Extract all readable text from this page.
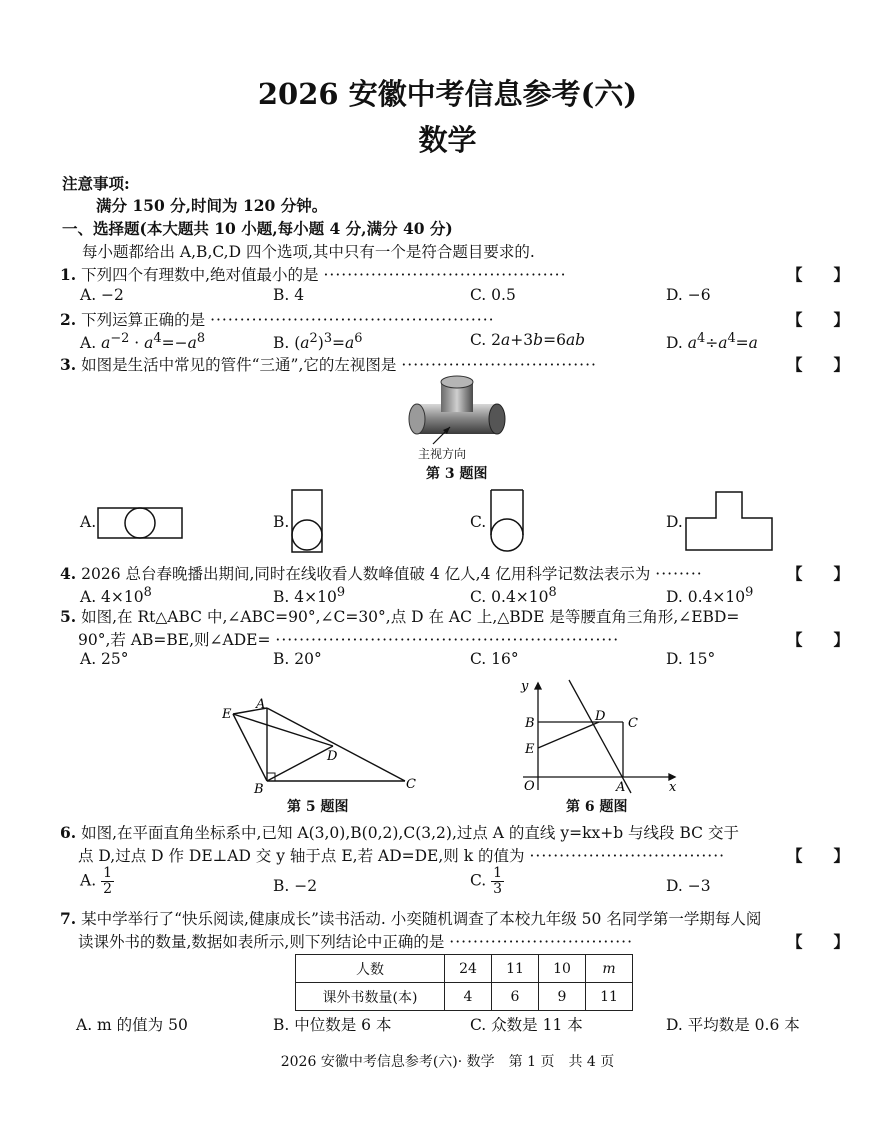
2026 安徽中考信息参考(六)
数学
注意事项:
满分 150 分,时间为 120 分钟。
一、选择题(本大题共 10 小题,每小题 4 分,满分 40 分)
每小题都给出 A,B,C,D 四个选项,其中只有一个是符合题目要求的.
1. 下列四个有理数中,绝对值最小的是 ·········································	【　　】
A. −2	B. 4	C. 0.5	D. −6
2. 下列运算正确的是 ················································	【　　】
A. $a^{-2} \cdot a^4=-a^8$	B. $(a^2)^3=a^6$	C. 2a+3b=6ab	D. $a^4\div a^4=a$
3. 如图是生活中常见的管件“三通”,它的左视图是 ·································	【　　】
主视方向
第 3 题图
A.	B.	C.	D.
4. 2026 总台春晚播出期间,同时在线收看人数峰值破 4 亿人,4 亿用科学记数法表示为 ········	【　　】
A. $4\times 10^8$	B. $4\times 10^9$	C. $0.4\times 10^8$	D. $0.4\times 10^9$
5. 如图,在 Rt△ABC 中,∠ABC=90°,∠C=30°,点 D 在 AC 上,△BDE 是等腰直角三角形,∠EBD=
90°,若 AB=BE,则∠ADE= ··························································	【　　】
A. 25°	B. 20°	C. 16°	D. 15°
E
A
D
B	C
第 5 题图
y
x
O
B	D C
E
A
第 6 题图
6. 如图,在平面直角坐标系中,已知 A(3,0),B(0,2),C(3,2),过点 A 的直线 y=kx+b 与线段 BC 交于
点 D,过点 D 作 DE⊥AD 交 y 轴于点 E,若 AD=DE,则 k 的值为 ·································	【　　】
A. $\frac{1}{2}$	B. −2	C. $\frac{1}{3}$	D. −3
7. 某中学举行了“快乐阅读,健康成长”读书活动. 小奕随机调查了本校九年级 50 名同学第一学期每人阅
读课外书的数量,数据如表所示,则下列结论中正确的是 ·······························	【　　】
人数	24	11	10	m
课外书数量(本)	4	6	9	11
A. m 的值为 50	B. 中位数是 6 本	C. 众数是 11 本	D. 平均数是 0.6 本
2026 安徽中考信息参考(六)· 数学　第 1 页　共 4 页
